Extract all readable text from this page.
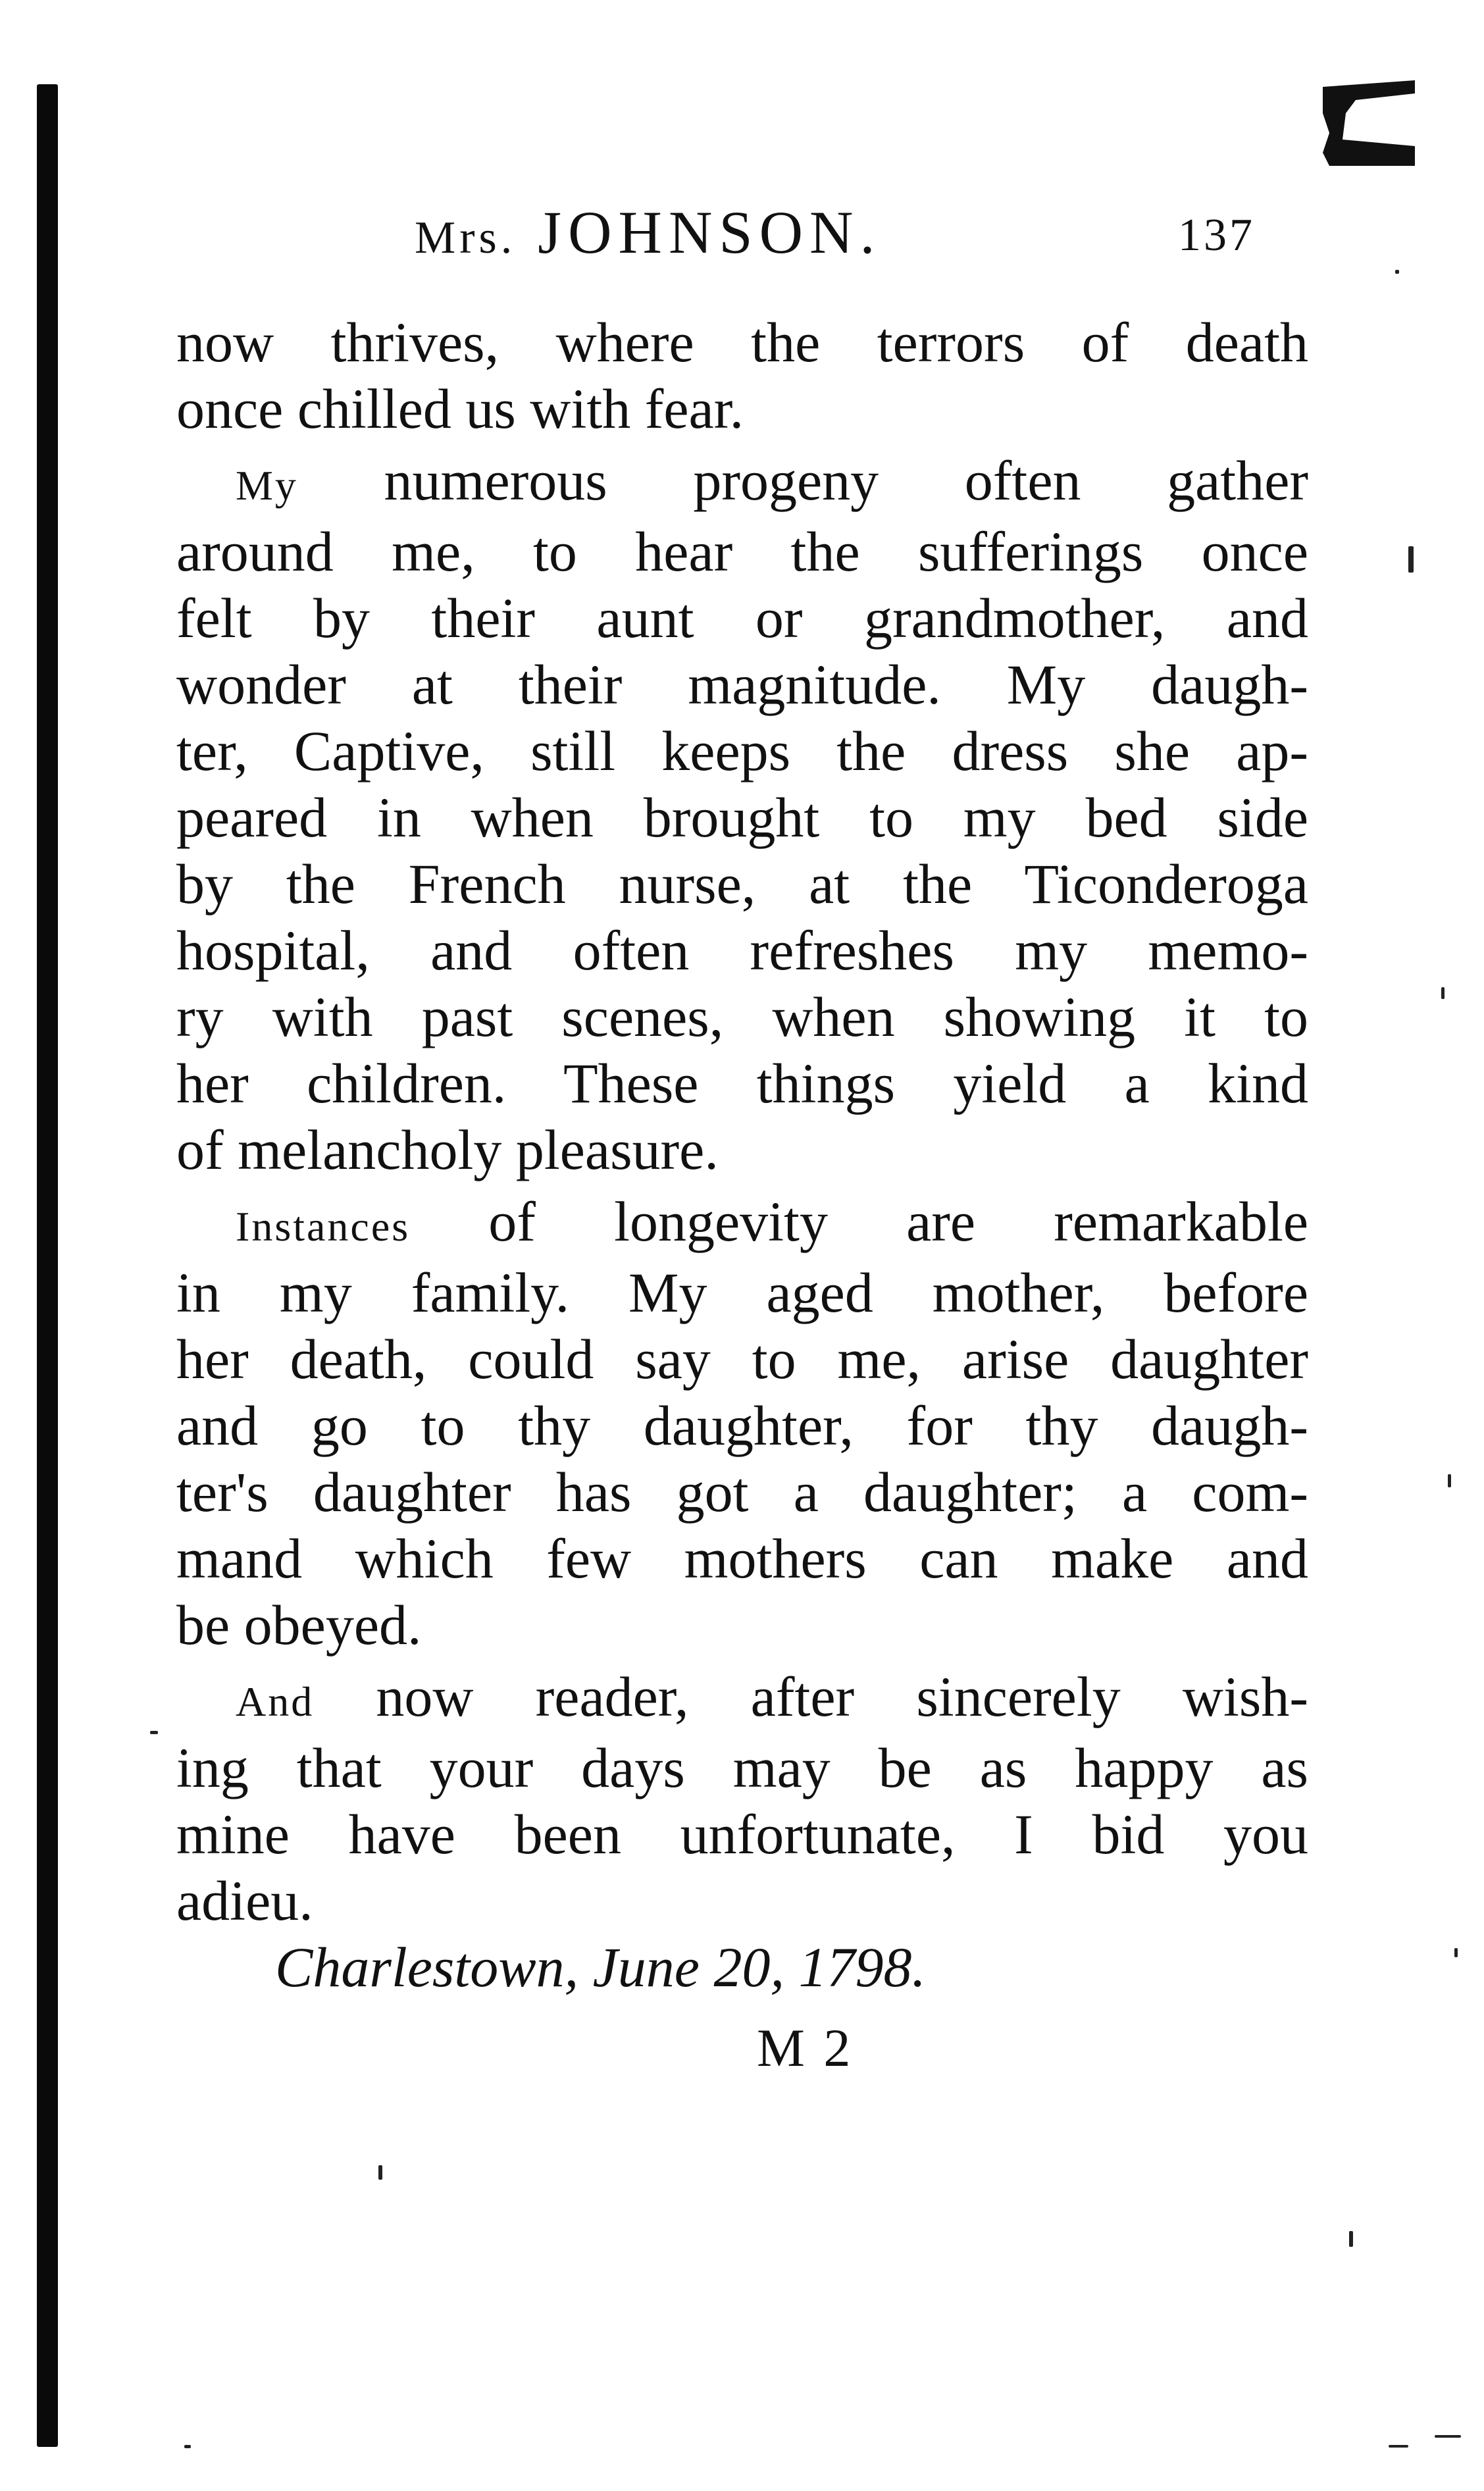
Mrs. JOHNSON.	137
now thrives, where the terrors of death
once chilled us with fear.
My numerous progeny often gather
around me, to hear the sufferings once
felt by their aunt or grandmother, and
wonder at their magnitude. My daugh-
ter, Captive, still keeps the dress she ap-
peared in when brought to my bed side
by the French nurse, at the Ticonderoga
hospital, and often refreshes my memo-
ry with past scenes, when showing it to
her children. These things yield a kind
of melancholy pleasure.
Instances of longevity are remarkable
in my family. My aged mother, before
her death, could say to me, arise daughter
and go to thy daughter, for thy daugh-
ter's daughter has got a daughter; a com-
mand which few mothers can make and
be obeyed.
And now reader, after sincerely wish-
ing that your days may be as happy as
mine have been unfortunate, I bid you
adieu.
Charlestown, June 20, 1798.
M 2
